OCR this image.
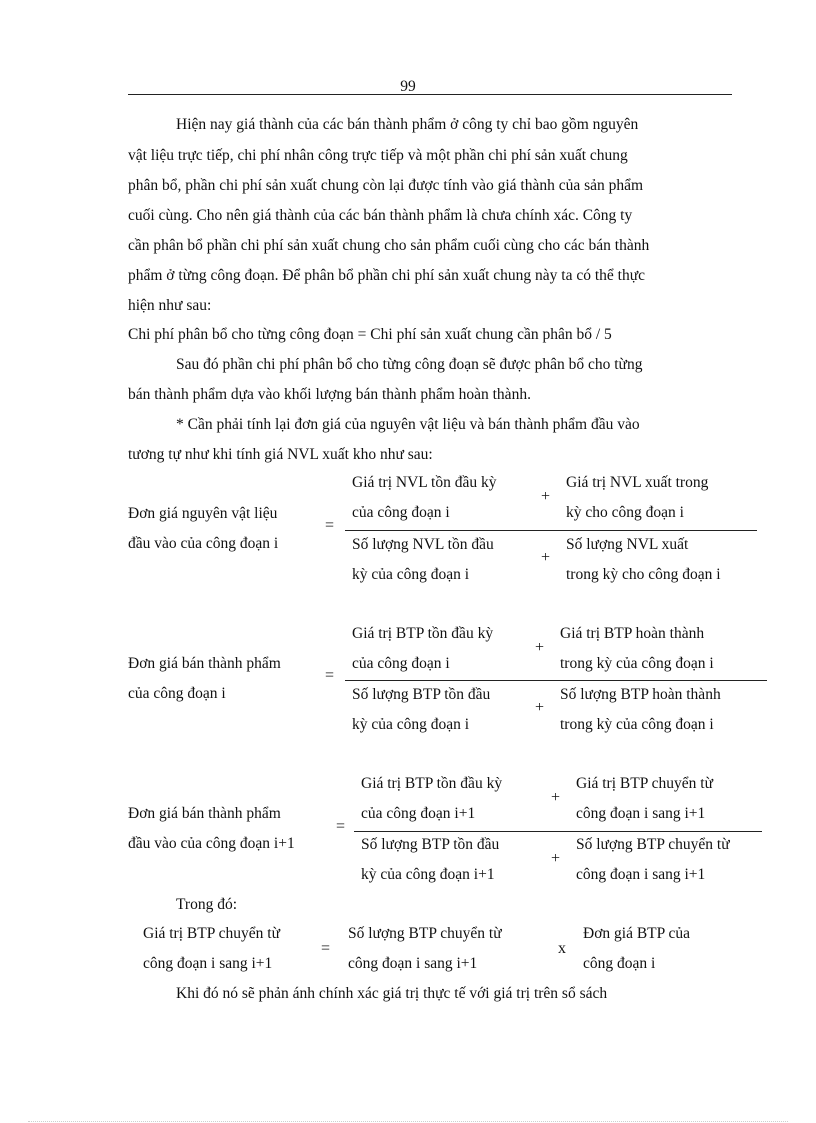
99
Hiện nay giá thành của các bán thành phẩm ở công ty chỉ bao gồm nguyên
vật liệu trực tiếp, chi phí nhân công trực tiếp và một phần chi phí sản xuất chung
phân bổ, phần chi phí sản xuất chung còn lại được tính vào giá thành của sản phẩm
cuối cùng. Cho nên giá thành của các bán thành phẩm là chưa chính xác. Công ty
cần phân bổ phần chi phí sản xuất chung cho sản phẩm cuối cùng cho các bán thành
phẩm ở từng công đoạn. Để phân bổ phần chi phí sản xuất chung này ta có thể thực
hiện như sau:
Chi phí phân bổ cho từng công đoạn = Chi phí sản xuất chung cần phân bổ / 5
Sau đó phần chi phí phân bổ cho từng công đoạn sẽ được phân bổ cho từng
bán thành phẩm dựa vào khối lượng bán thành phẩm hoàn thành.
* Cần phải tính lại đơn giá của nguyên vật liệu và bán thành phẩm đầu vào
tương tự như khi tính giá NVL xuất kho như sau:
Đơn giá nguyên vật liệu
đầu vào của công đoạn i
=
Giá trị NVL tồn đầu kỳ
của công đoạn i
+
Giá trị NVL xuất trong
kỳ cho công đoạn i
Số lượng NVL tồn đầu
kỳ của công đoạn i
+
Số lượng NVL xuất
trong kỳ cho công đoạn i
Đơn giá bán thành phẩm
của công đoạn i
=
Giá trị BTP tồn đầu kỳ
của công đoạn i
+
Giá trị BTP hoàn thành
trong kỳ của công đoạn i
Số lượng BTP tồn đầu
kỳ của công đoạn i
+
Số lượng BTP hoàn thành
trong kỳ của công đoạn i
Đơn giá bán thành phẩm
đầu vào của công đoạn i+1
=
Giá trị BTP tồn đầu kỳ
của công đoạn i+1
+
Giá trị BTP chuyển từ
công đoạn i sang i+1
Số lượng BTP tồn đầu
kỳ của công đoạn i+1
+
Số lượng BTP chuyển từ
công đoạn i sang i+1
Trong đó:
Giá trị BTP chuyển từ
công đoạn i sang i+1
=
Số lượng BTP chuyển từ
công đoạn i sang i+1
x
Đơn giá BTP của
công đoạn i
Khi đó nó sẽ phản ánh chính xác giá trị thực tế với giá trị trên sổ sách
